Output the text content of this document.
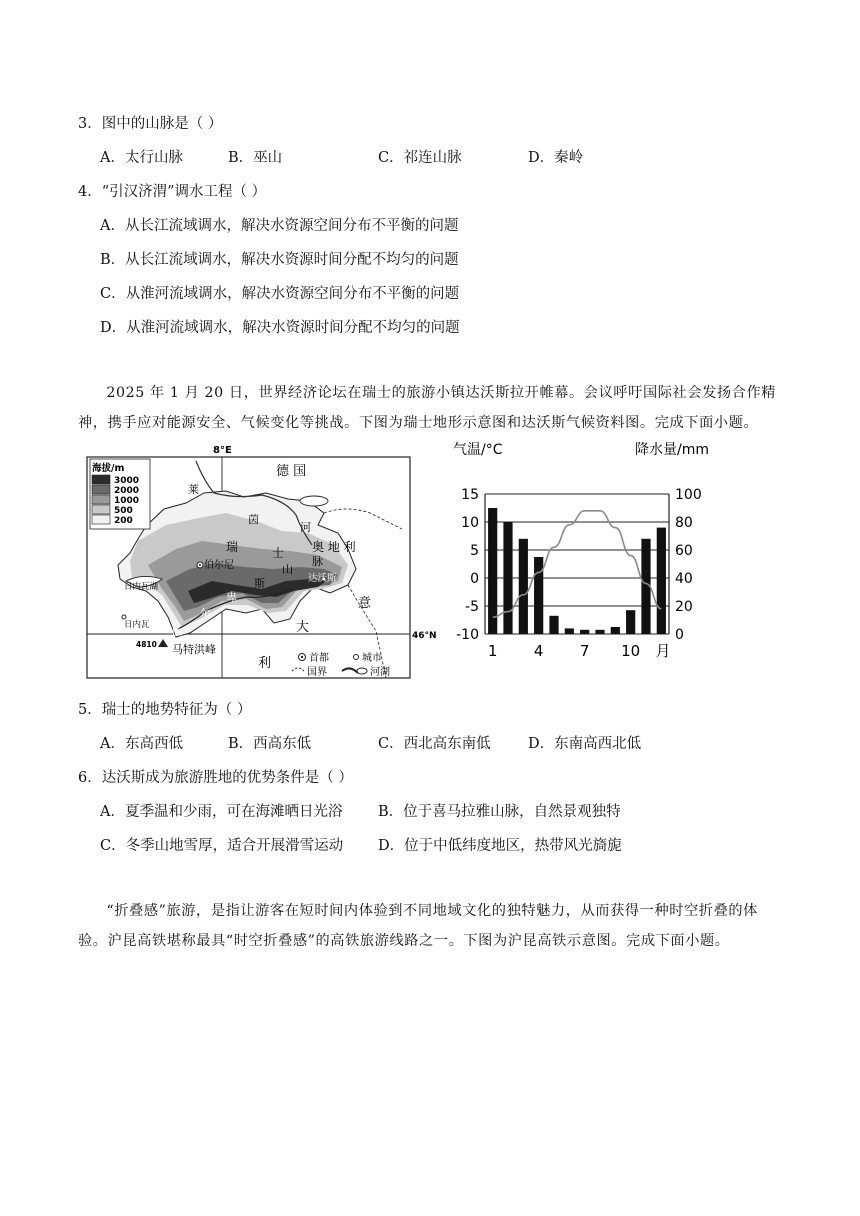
3．图中的山脉是（ ）
A．太行山脉	B．巫山	C．祁连山脉	D．秦岭
4．“引汉济渭”调水工程（ ）
A．从长江流域调水，解决水资源空间分布不平衡的问题
B．从长江流域调水，解决水资源时间分配不均匀的问题
C．从淮河流域调水，解决水资源空间分布不平衡的问题
D．从淮河流域调水，解决水资源时间分配不均匀的问题

2025 年 1 月 20 日，世界经济论坛在瑞士的旅游小镇达沃斯拉开帷幕。会议呼吁国际社会发扬合作精神，携手应对能源安全、气候变化等挑战。下图为瑞士地形示意图和达沃斯气候资料图。完成下面小题。

8°E
46°N
海拔/m
3000
2000
1000
500
200
德 国
莱
茵
河
奥 地 利
瑞	士
山
脉
斯
卑
尔
阿
伯尔尼
达沃斯
日内瓦湖
日内瓦
4810 马特洪峰
意
大
利	首都	城市
国界	河湖
气温/°C	降水量/mm
15	100
10	80
5	60
0	40
-5	20
-10	0
1 4 7 10 月
5．瑞士的地势特征为（ ）
A．东高西低	B．西高东低	C．西北高东南低	D．东南高西北低
6．达沃斯成为旅游胜地的优势条件是（ ）
A．夏季温和少雨，可在海滩晒日光浴 B．位于喜马拉雅山脉，自然景观独特
C．冬季山地雪厚，适合开展滑雪运动 D．位于中低纬度地区，热带风光旖旎

“折叠感”旅游，是指让游客在短时间内体验到不同地域文化的独特魅力，从而获得一种时空折叠的体验。沪昆高铁堪称最具“时空折叠感”的高铁旅游线路之一。下图为沪昆高铁示意图。完成下面小题。
